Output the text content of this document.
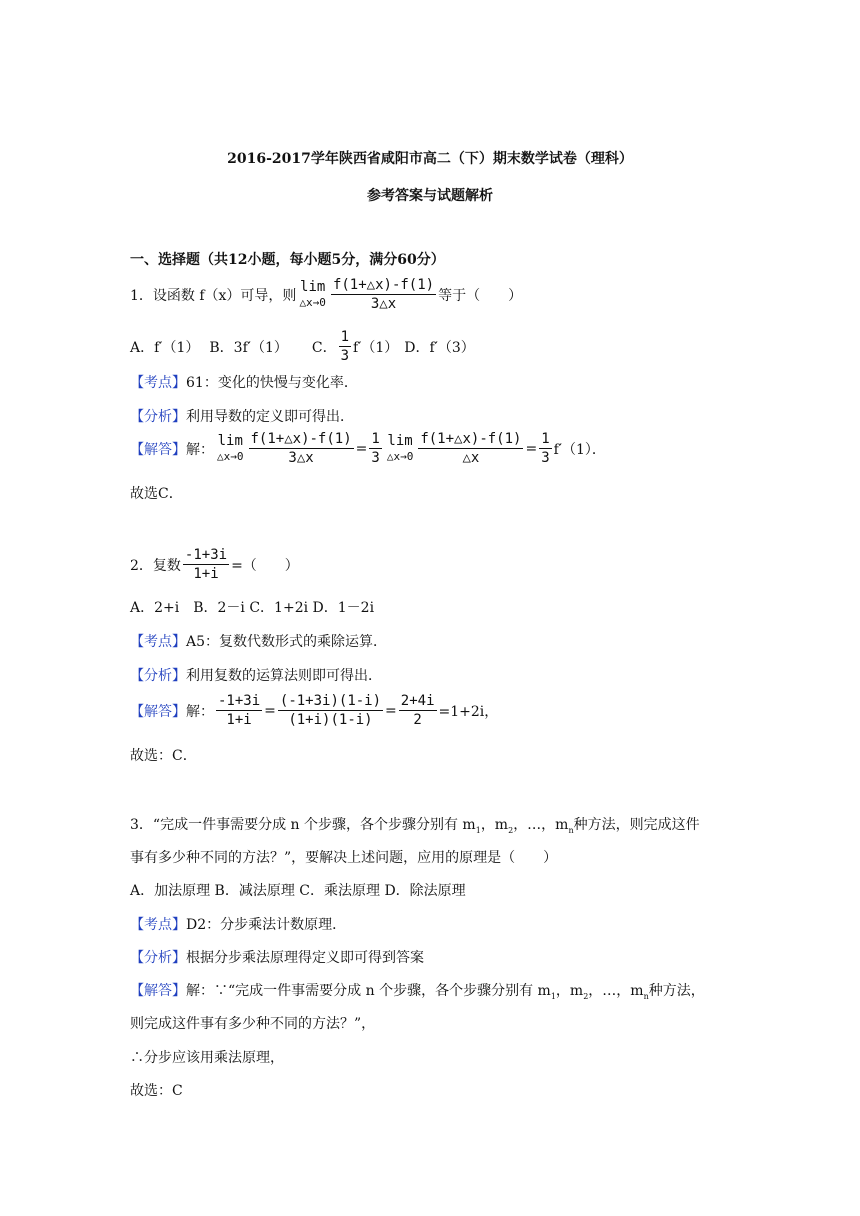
2016-2017学年陕西省咸阳市高二（下）期末数学试卷（理科）
参考答案与试题解析
一、选择题（共12小题，每小题5分，满分60分）
1．设函数 f（x）可导，则
lim
△x→0 $\frac{f(1+\triangle x)-f(1)}{3\triangle x}$ 等于（　　）
A．f′（1） B．3f′（1） C． $\frac{1}{3} f'(1)$ D．f′（3）
【考点】61：变化的快慢与变化率．
【分析】利用导数的定义即可得出．
【解答】 解：
lim
△x→0 $\frac{f(1+\triangle x)-f(1)}{3\triangle x} = \frac{1}{3}$ lim
△x→0 $\frac{f(1+\triangle x)-f(1)}{\triangle x} = \frac{1}{3} f'(1)$．
故选C．
2．复数 $\frac{-1+3i}{1+i}$ =（　　）
A．2+i　B．2－i C．1+2i D．1－2i
【考点】A5：复数代数形式的乘除运算．
【分析】利用复数的运算法则即可得出．
【解答】 解： $\frac{-1+3i}{1+i} = \frac{(-1+3i)(1-i)}{(1+i)(1-i)} = \frac{2+4i}{2} =1+2i$，
故选：C．
3．“完成一件事需要分成 n 个步骤，各个步骤分别有 $m_1$，$m_2$，…，$m_n$种方法，则完成这件
事有多少种不同的方法？”，要解决上述问题，应用的原理是（　　）
A．加法原理 B．减法原理 C．乘法原理 D．除法原理
【考点】D2：分步乘法计数原理．
【分析】根据分步乘法原理得定义即可得到答案
【解答】解：∵“完成一件事需要分成 n 个步骤，各个步骤分别有 $m_1$，$m_2$，…，$m_n$种方法，
则完成这件事有多少种不同的方法？”，
∴分步应该用乘法原理，
故选：C
